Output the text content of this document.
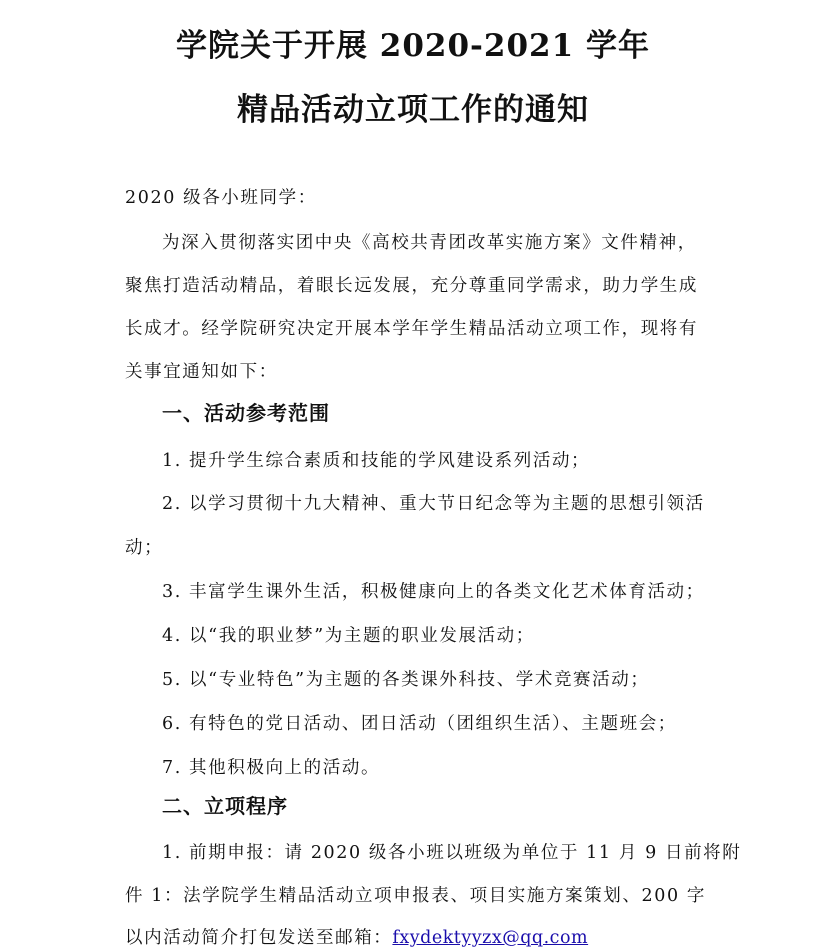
学院关于开展 2020-2021 学年
精品活动立项工作的通知

2020 级各小班同学：

为深入贯彻落实团中央《高校共青团改革实施方案》文件精神，

聚焦打造活动精品，着眼长远发展，充分尊重同学需求，助力学生成

长成才。经学院研究决定开展本学年学生精品活动立项工作，现将有

关事宜通知如下：

一、活动参考范围

1. 提升学生综合素质和技能的学风建设系列活动；

2. 以学习贯彻十九大精神、重大节日纪念等为主题的思想引领活

动；

3. 丰富学生课外生活，积极健康向上的各类文化艺术体育活动；

4. 以“我的职业梦”为主题的职业发展活动；

5. 以“专业特色”为主题的各类课外科技、学术竞赛活动；

6. 有特色的党日活动、团日活动（团组织生活）、主题班会；

7. 其他积极向上的活动。

二、立项程序

1. 前期申报：请 2020 级各小班以班级为单位于 11 月 9 日前将附

件 1：法学院学生精品活动立项申报表、项目实施方案策划、200 字

以内活动简介打包发送至邮箱：fxydektyyzx@qq.com
